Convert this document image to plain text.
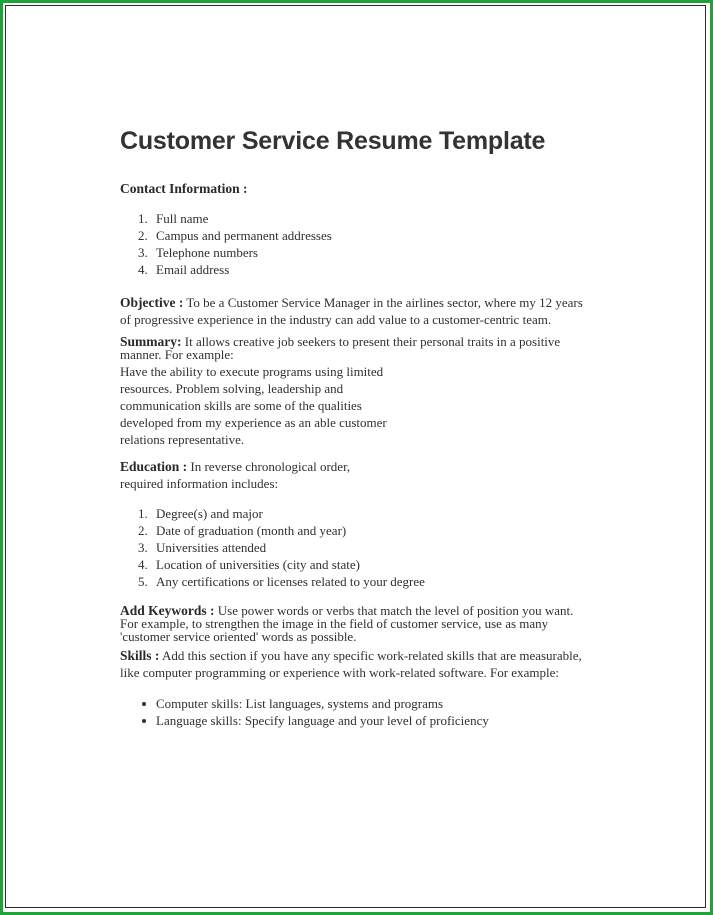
Customer Service Resume Template
Contact Information :
1. Full name
2. Campus and permanent addresses
3. Telephone numbers
4. Email address
Objective : To be a Customer Service Manager in the airlines sector, where my 12 years
of progressive experience in the industry can add value to a customer-centric team.
Summary: It allows creative job seekers to present their personal traits in a positive
manner. For example:
Have the ability to execute programs using limited
resources. Problem solving, leadership and
communication skills are some of the qualities
developed from my experience as an able customer
relations representative.
Education : In reverse chronological order,
required information includes:
1. Degree(s) and major
2. Date of graduation (month and year)
3. Universities attended
4. Location of universities (city and state)
5. Any certifications or licenses related to your degree
Add Keywords : Use power words or verbs that match the level of position you want.
For example, to strengthen the image in the field of customer service, use as many
'customer service oriented' words as possible.
Skills : Add this section if you have any specific work-related skills that are measurable,
like computer programming or experience with work-related software. For example:
Computer skills: List languages, systems and programs
Language skills: Specify language and your level of proficiency
